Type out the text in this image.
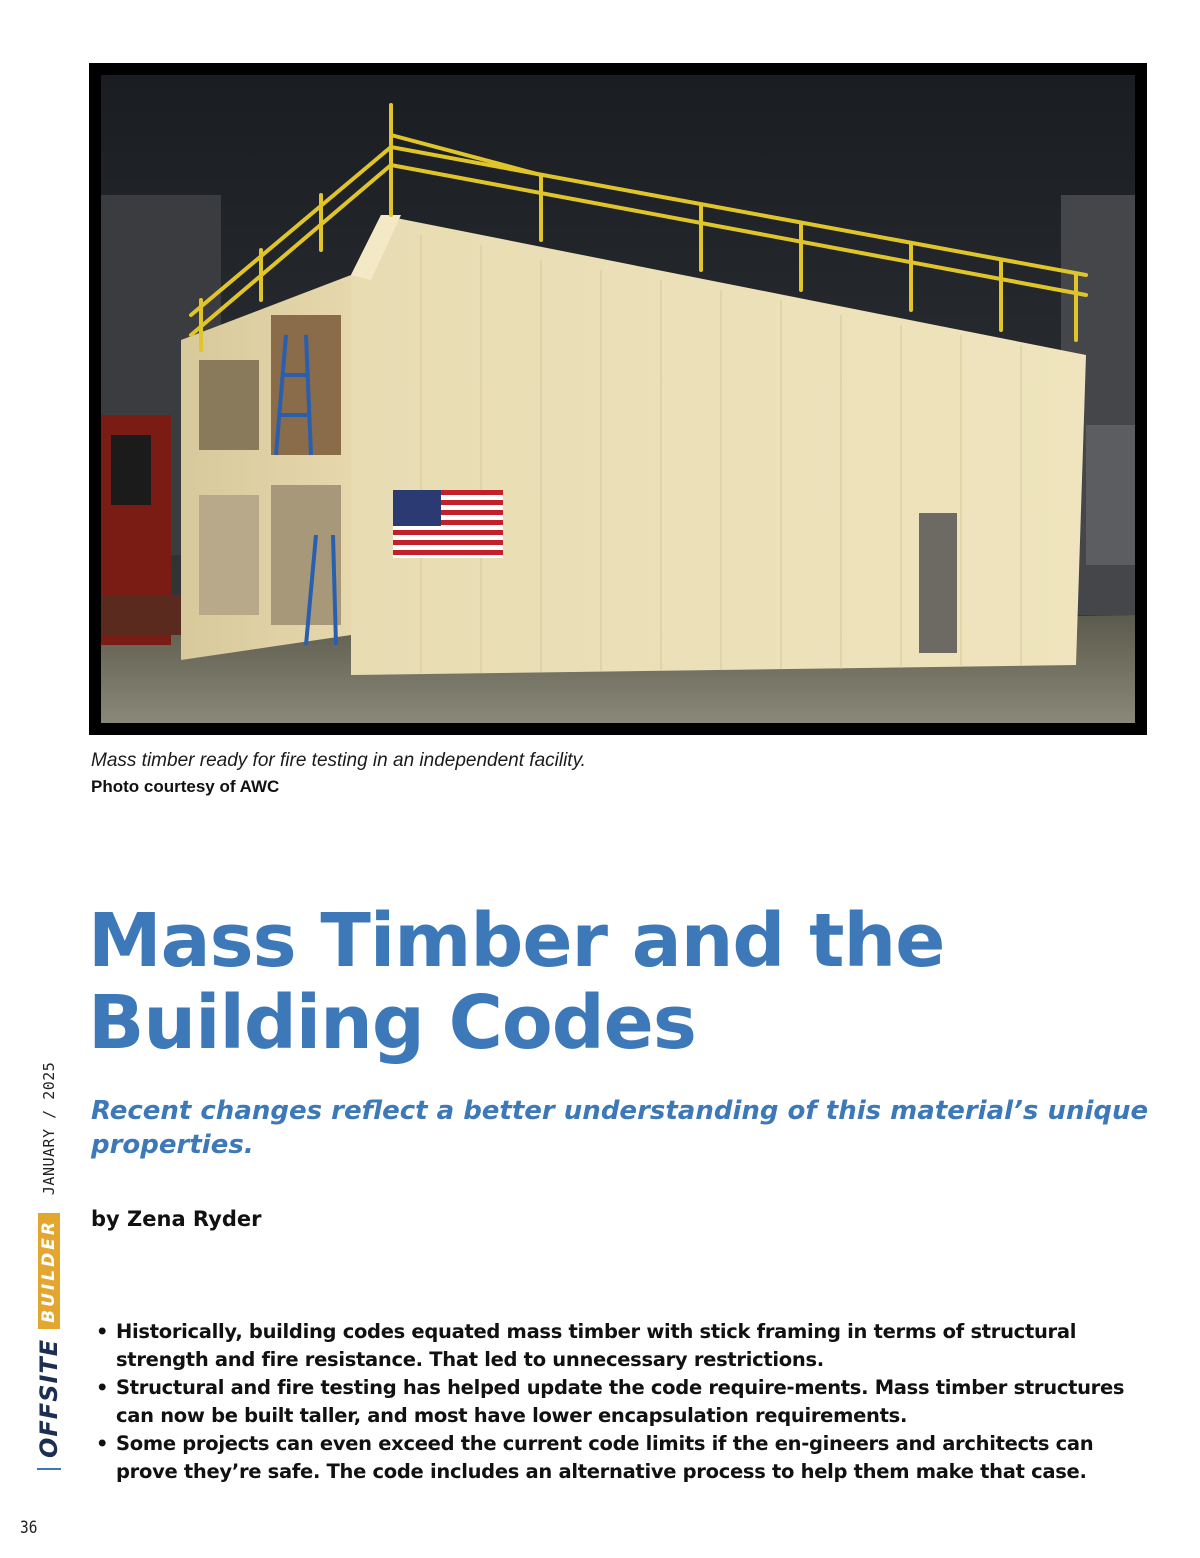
Mass timber ready for fire testing in an independent facility.

Photo courtesy of AWC

Mass Timber and the
Building Codes

Recent changes reflect a better understanding of this material’s unique properties.

by Zena Ryder

• Historically, building codes equated mass timber with stick framing in terms of structural strength and fire resistance. That led to unnecessary restrictions.
• Structural and fire testing has helped update the code require-ments. Mass timber structures can now be built taller, and most have lower encapsulation requirements.
• Some projects can even exceed the current code limits if the en-gineers and architects can prove they’re safe. The code includes an alternative process to help them make that case.
OFFSITE
BUILDER
JANUARY / 2025
36
